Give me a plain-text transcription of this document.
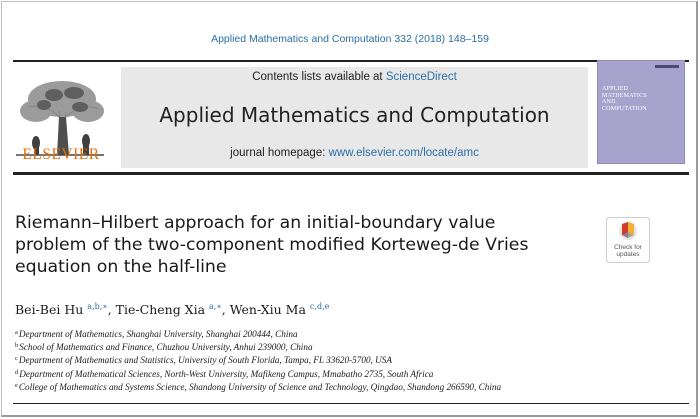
Applied Mathematics and Computation 332 (2018) 148–159
ELSEVIER
Contents lists available at ScienceDirect
Applied Mathematics and Computation
journal homepage: www.elsevier.com/locate/amc
APPLIED
MATHEMATICS
AND
COMPUTATION
Riemann–Hilbert approach for an initial-boundary value
problem of the two-component modified Korteweg-de Vries
equation on the half-line
Check for
updates
Bei-Bei Hu $^{a,b,∗}$, Tie-Cheng Xia $^{a,∗}$, Wen-Xiu Ma $^{c,d,e}$
$^a$Department of Mathematics, Shanghai University, Shanghai 200444, China
$^b$School of Mathematics and Finance, Chuzhou University, Anhui 239000, China
$^c$Department of Mathematics and Statistics, University of South Florida, Tampa, FL 33620-5700, USA
$^d$Department of Mathematical Sciences, North-West University, Mafikeng Campus, Mmabatho 2735, South Africa
$^e$College of Mathematics and Systems Science, Shandong University of Science and Technology, Qingdao, Shandong 266590, China
